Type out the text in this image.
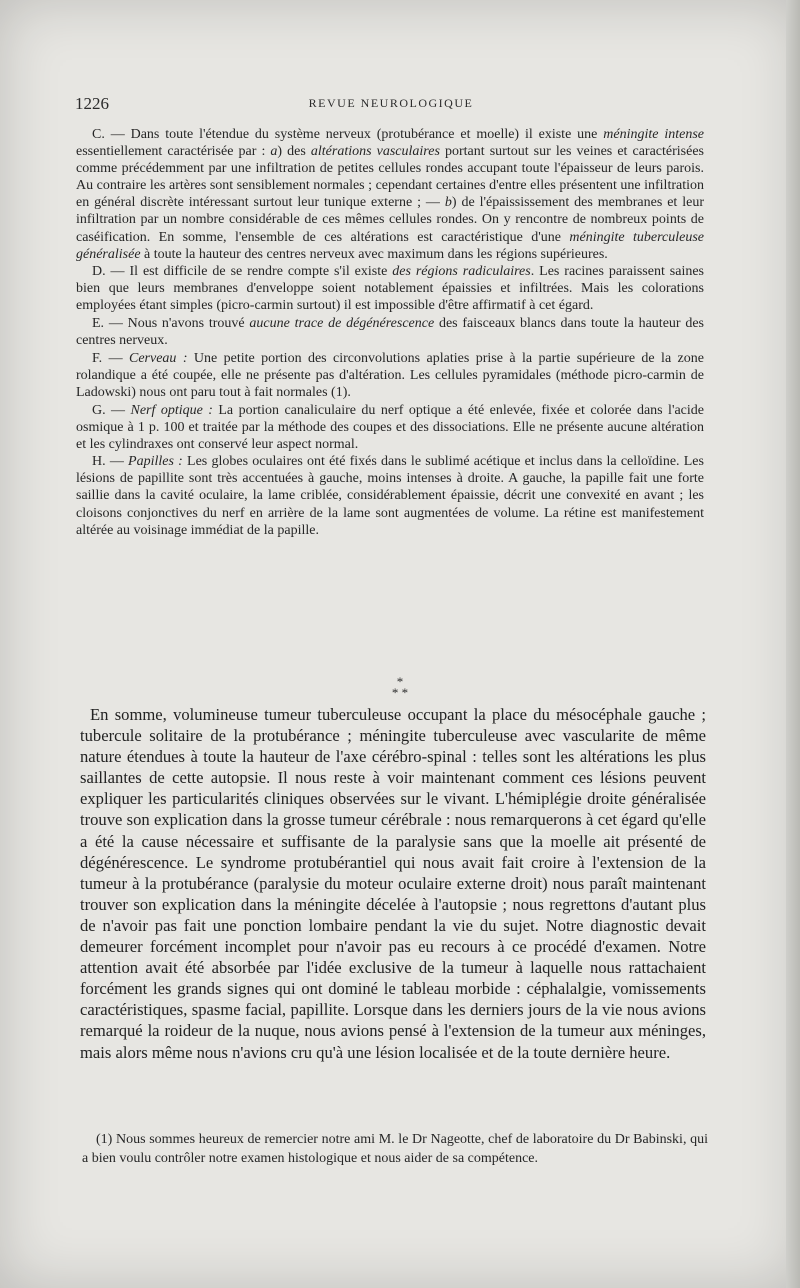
1226	REVUE NEUROLOGIQUE

C. — Dans toute l'étendue du système nerveux (protubérance et moelle) il existe une méningite intense essentiellement caractérisée par : a) des altérations vasculaires portant surtout sur les veines et caractérisées comme précédemment par une infiltration de petites cellules rondes accupant toute l'épaisseur de leurs parois. Au contraire les artères sont sensiblement normales ; cependant certaines d'entre elles présentent une infiltration en général discrète intéressant surtout leur tunique externe ; — b) de l'épaississement des membranes et leur infiltration par un nombre considérable de ces mêmes cellules rondes. On y rencontre de nombreux points de caséification. En somme, l'ensemble de ces altérations est caractéristique d'une méningite tuberculeuse généralisée à toute la hauteur des centres nerveux avec maximum dans les régions supérieures.

D. — Il est difficile de se rendre compte s'il existe des régions radiculaires. Les racines paraissent saines bien que leurs membranes d'enveloppe soient notablement épaissies et infiltrées. Mais les colorations employées étant simples (picro-carmin surtout) il est impossible d'être affirmatif à cet égard.

E. — Nous n'avons trouvé aucune trace de dégénérescence des faisceaux blancs dans toute la hauteur des centres nerveux.

F. — Cerveau : Une petite portion des circonvolutions aplaties prise à la partie supérieure de la zone rolandique a été coupée, elle ne présente pas d'altération. Les cellules pyramidales (méthode picro-carmin de Ladowski) nous ont paru tout à fait normales (1).

G. — Nerf optique : La portion canaliculaire du nerf optique a été enlevée, fixée et colorée dans l'acide osmique à 1 p. 100 et traitée par la méthode des coupes et des dissociations. Elle ne présente aucune altération et les cylindraxes ont conservé leur aspect normal.

H. — Papilles : Les globes oculaires ont été fixés dans le sublimé acétique et inclus dans la celloïdine. Les lésions de papillite sont très accentuées à gauche, moins intenses à droite. A gauche, la papille fait une forte saillie dans la cavité oculaire, la lame criblée, considérablement épaissie, décrit une convexité en avant ; les cloisons conjonctives du nerf en arrière de la lame sont augmentées de volume. La rétine est manifestement altérée au voisinage immédiat de la papille.

*
* *

En somme, volumineuse tumeur tuberculeuse occupant la place du mésocéphale gauche ; tubercule solitaire de la protubérance ; méningite tuberculeuse avec vascularite de même nature étendues à toute la hauteur de l'axe cérébro-spinal : telles sont les altérations les plus saillantes de cette autopsie. Il nous reste à voir maintenant comment ces lésions peuvent expliquer les particularités cliniques observées sur le vivant. L'hémiplégie droite généralisée trouve son explication dans la grosse tumeur cérébrale : nous remarquerons à cet égard qu'elle a été la cause nécessaire et suffisante de la paralysie sans que la moelle ait présenté de dégénérescence. Le syndrome protubérantiel qui nous avait fait croire à l'extension de la tumeur à la protubérance (paralysie du moteur oculaire externe droit) nous paraît maintenant trouver son explication dans la méningite décelée à l'autopsie ; nous regrettons d'autant plus de n'avoir pas fait une ponction lombaire pendant la vie du sujet. Notre diagnostic devait demeurer forcément incomplet pour n'avoir pas eu recours à ce procédé d'examen. Notre attention avait été absorbée par l'idée exclusive de la tumeur à laquelle nous rattachaient forcément les grands signes qui ont dominé le tableau morbide : céphalalgie, vomissements caractéristiques, spasme facial, papillite. Lorsque dans les derniers jours de la vie nous avions remarqué la roideur de la nuque, nous avions pensé à l'extension de la tumeur aux méninges, mais alors même nous n'avions cru qu'à une lésion localisée et de la toute dernière heure.

(1) Nous sommes heureux de remercier notre ami M. le Dr Nageotte, chef de laboratoire du Dr Babinski, qui a bien voulu contrôler notre examen histologique et nous aider de sa compétence.
